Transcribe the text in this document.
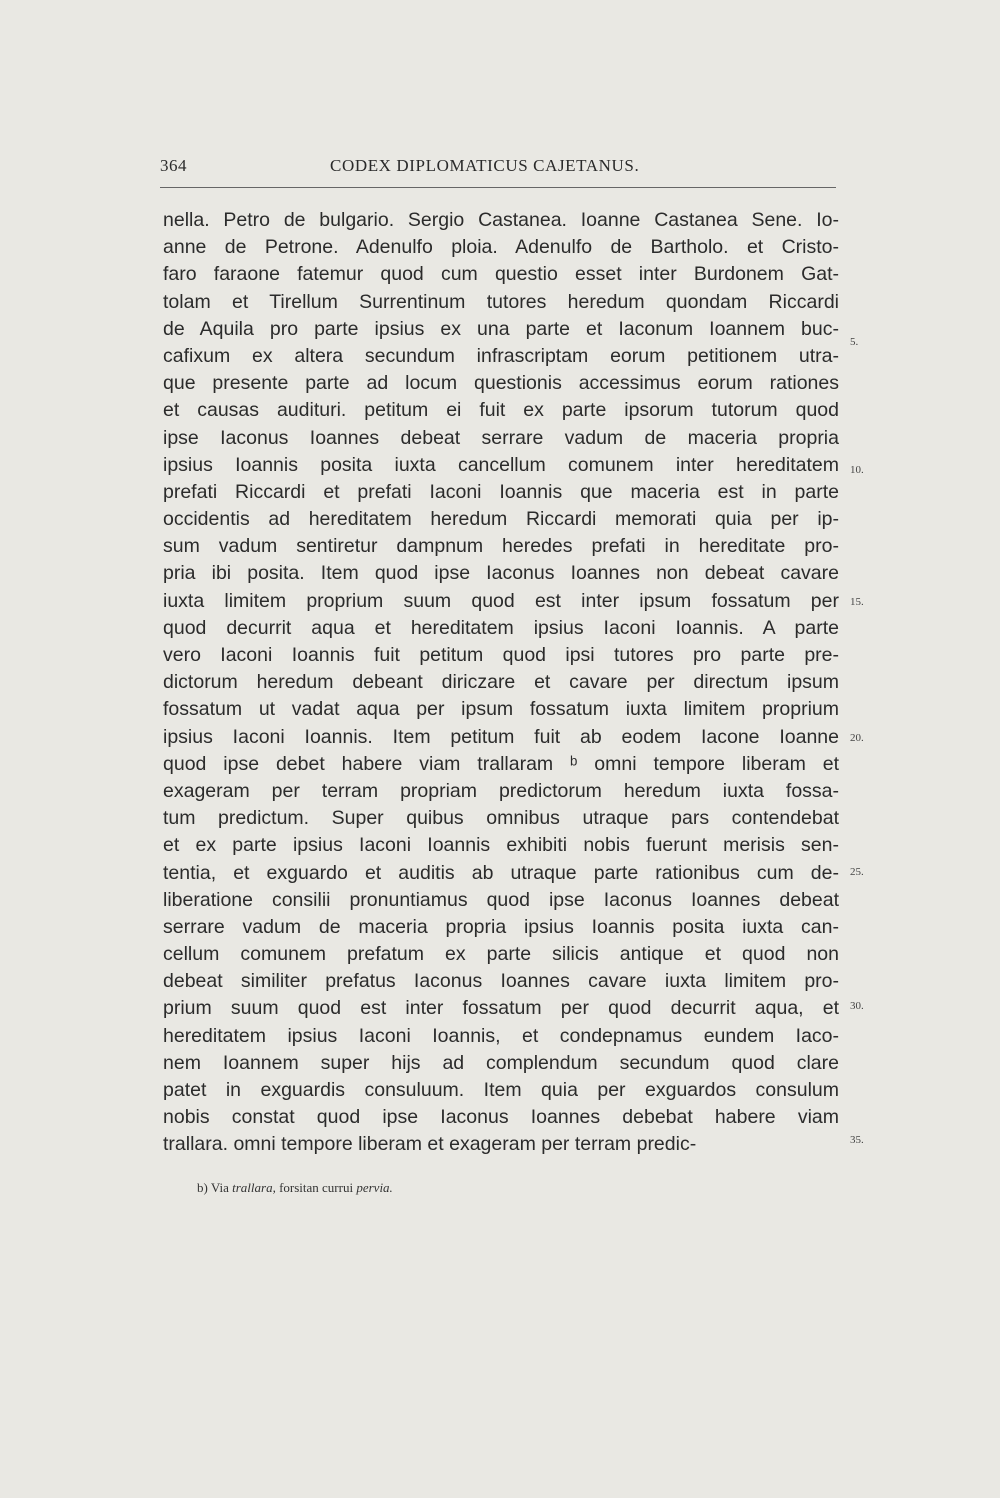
364	CODEX DIPLOMATICUS CAJETANUS.
nella. Petro de bulgario. Sergio Castanea. Ioanne Castanea Sene. Io-
anne de Petrone. Adenulfo ploia. Adenulfo de Bartholo. et Cristo-
faro faraone fatemur quod cum questio esset inter Burdonem Gat-
tolam et Tirellum Surrentinum tutores heredum quondam Riccardi
de Aquila pro parte ipsius ex una parte et Iaconum Ioannem buc-
cafixum ex altera secundum infrascriptam eorum petitionem utra-
que presente parte ad locum questionis accessimus eorum rationes
et causas audituri. petitum ei fuit ex parte ipsorum tutorum quod
ipse Iaconus Ioannes debeat serrare vadum de maceria propria
ipsius Ioannis posita iuxta cancellum comunem inter hereditatem
prefati Riccardi et prefati Iaconi Ioannis que maceria est in parte
occidentis ad hereditatem heredum Riccardi memorati quia per ip-
sum vadum sentiretur dampnum heredes prefati in hereditate pro-
pria ibi posita. Item quod ipse Iaconus Ioannes non debeat cavare
iuxta limitem proprium suum quod est inter ipsum fossatum per
quod decurrit aqua et hereditatem ipsius Iaconi Ioannis. A parte
vero Iaconi Ioannis fuit petitum quod ipsi tutores pro parte pre-
dictorum heredum debeant diriczare et cavare per directum ipsum
fossatum ut vadat aqua per ipsum fossatum iuxta limitem proprium
ipsius Iaconi Ioannis. Item petitum fuit ab eodem Iacone Ioanne
quod ipse debet habere viam trallaram ᵇ omni tempore liberam et
exageram per terram propriam predictorum heredum iuxta fossa-
tum predictum. Super quibus omnibus utraque pars contendebat
et ex parte ipsius Iaconi Ioannis exhibiti nobis fuerunt merisis sen-
tentia, et exguardo et auditis ab utraque parte rationibus cum de-
liberatione consilii pronuntiamus quod ipse Iaconus Ioannes debeat
serrare vadum de maceria propria ipsius Ioannis posita iuxta can-
cellum comunem prefatum ex parte silicis antique et quod non
debeat similiter prefatus Iaconus Ioannes cavare iuxta limitem pro-
prium suum quod est inter fossatum per quod decurrit aqua, et
hereditatem ipsius Iaconi Ioannis, et condepnamus eundem Iaco-
nem Ioannem super hijs ad complendum secundum quod clare
patet in exguardis consuluum. Item quia per exguardos consulum
nobis constat quod ipse Iaconus Ioannes debebat habere viam
trallara. omni tempore liberam et exageram per terram predic-
5.
10.
15.
20.
25.
30.
35.
b) Via trallara, forsitan currui pervia.
